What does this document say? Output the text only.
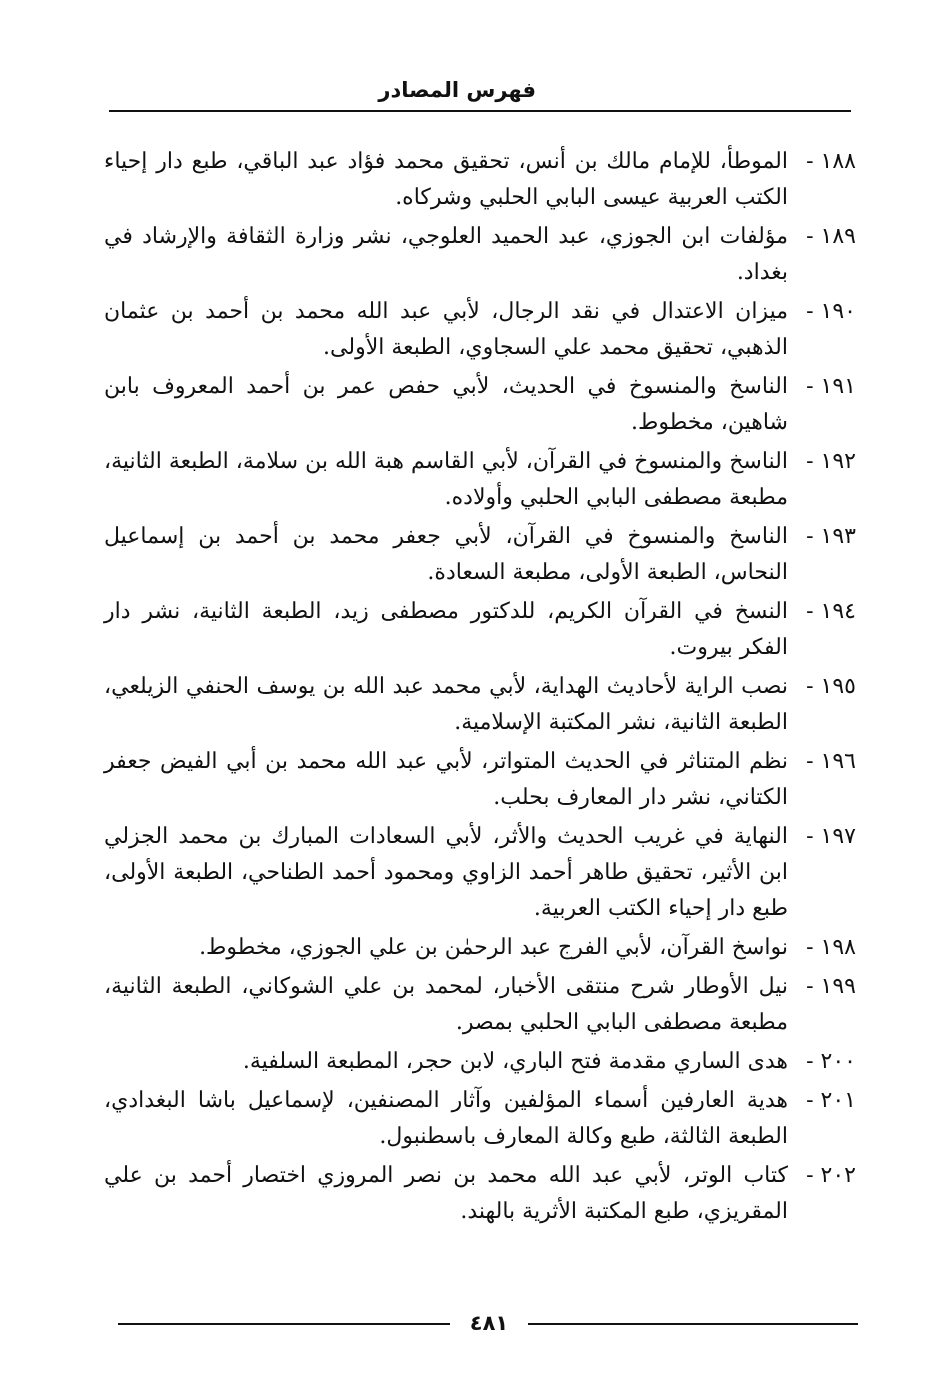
فهرس المصادر
١٨٨ -
الموطأ، للإمام مالك بن أنس، تحقيق محمد فؤاد عبد الباقي، طبع دار إحياء الكتب العربية عيسى البابي الحلبي وشركاه.
١٨٩ -
مؤلفات ابن الجوزي، عبد الحميد العلوجي، نشر وزارة الثقافة والإرشاد في بغداد.
١٩٠ -
ميزان الاعتدال في نقد الرجال، لأبي عبد الله محمد بن أحمد بن عثمان الذهبي، تحقيق محمد علي السجاوي، الطبعة الأولى.
١٩١ -
الناسخ والمنسوخ في الحديث، لأبي حفص عمر بن أحمد المعروف بابن شاهين، مخطوط.
١٩٢ -
الناسخ والمنسوخ في القرآن، لأبي القاسم هبة الله بن سلامة، الطبعة الثانية، مطبعة مصطفى البابي الحلبي وأولاده.
١٩٣ -
الناسخ والمنسوخ في القرآن، لأبي جعفر محمد بن أحمد بن إسماعيل النحاس، الطبعة الأولى، مطبعة السعادة.
١٩٤ -
النسخ في القرآن الكريم، للدكتور مصطفى زيد، الطبعة الثانية، نشر دار الفكر بيروت.
١٩٥ -
نصب الراية لأحاديث الهداية، لأبي محمد عبد الله بن يوسف الحنفي الزيلعي، الطبعة الثانية، نشر المكتبة الإسلامية.
١٩٦ -
نظم المتناثر في الحديث المتواتر، لأبي عبد الله محمد بن أبي الفيض جعفر الكتاني، نشر دار المعارف بحلب.
١٩٧ -
النهاية في غريب الحديث والأثر، لأبي السعادات المبارك بن محمد الجزلي ابن الأثير، تحقيق طاهر أحمد الزاوي ومحمود أحمد الطناحي، الطبعة الأولى، طبع دار إحياء الكتب العربية.
١٩٨ -
نواسخ القرآن، لأبي الفرج عبد الرحمٰن بن علي الجوزي، مخطوط.
١٩٩ -
نيل الأوطار شرح منتقى الأخبار، لمحمد بن علي الشوكاني، الطبعة الثانية، مطبعة مصطفى البابي الحلبي بمصر.
٢٠٠ -
هدى الساري مقدمة فتح الباري، لابن حجر، المطبعة السلفية.
٢٠١ -
هدية العارفين أسماء المؤلفين وآثار المصنفين، لإسماعيل باشا البغدادي، الطبعة الثالثة، طبع وكالة المعارف باسطنبول.
٢٠٢ -
كتاب الوتر، لأبي عبد الله محمد بن نصر المروزي اختصار أحمد بن علي المقريزي، طبع المكتبة الأثرية بالهند.
٤٨١
